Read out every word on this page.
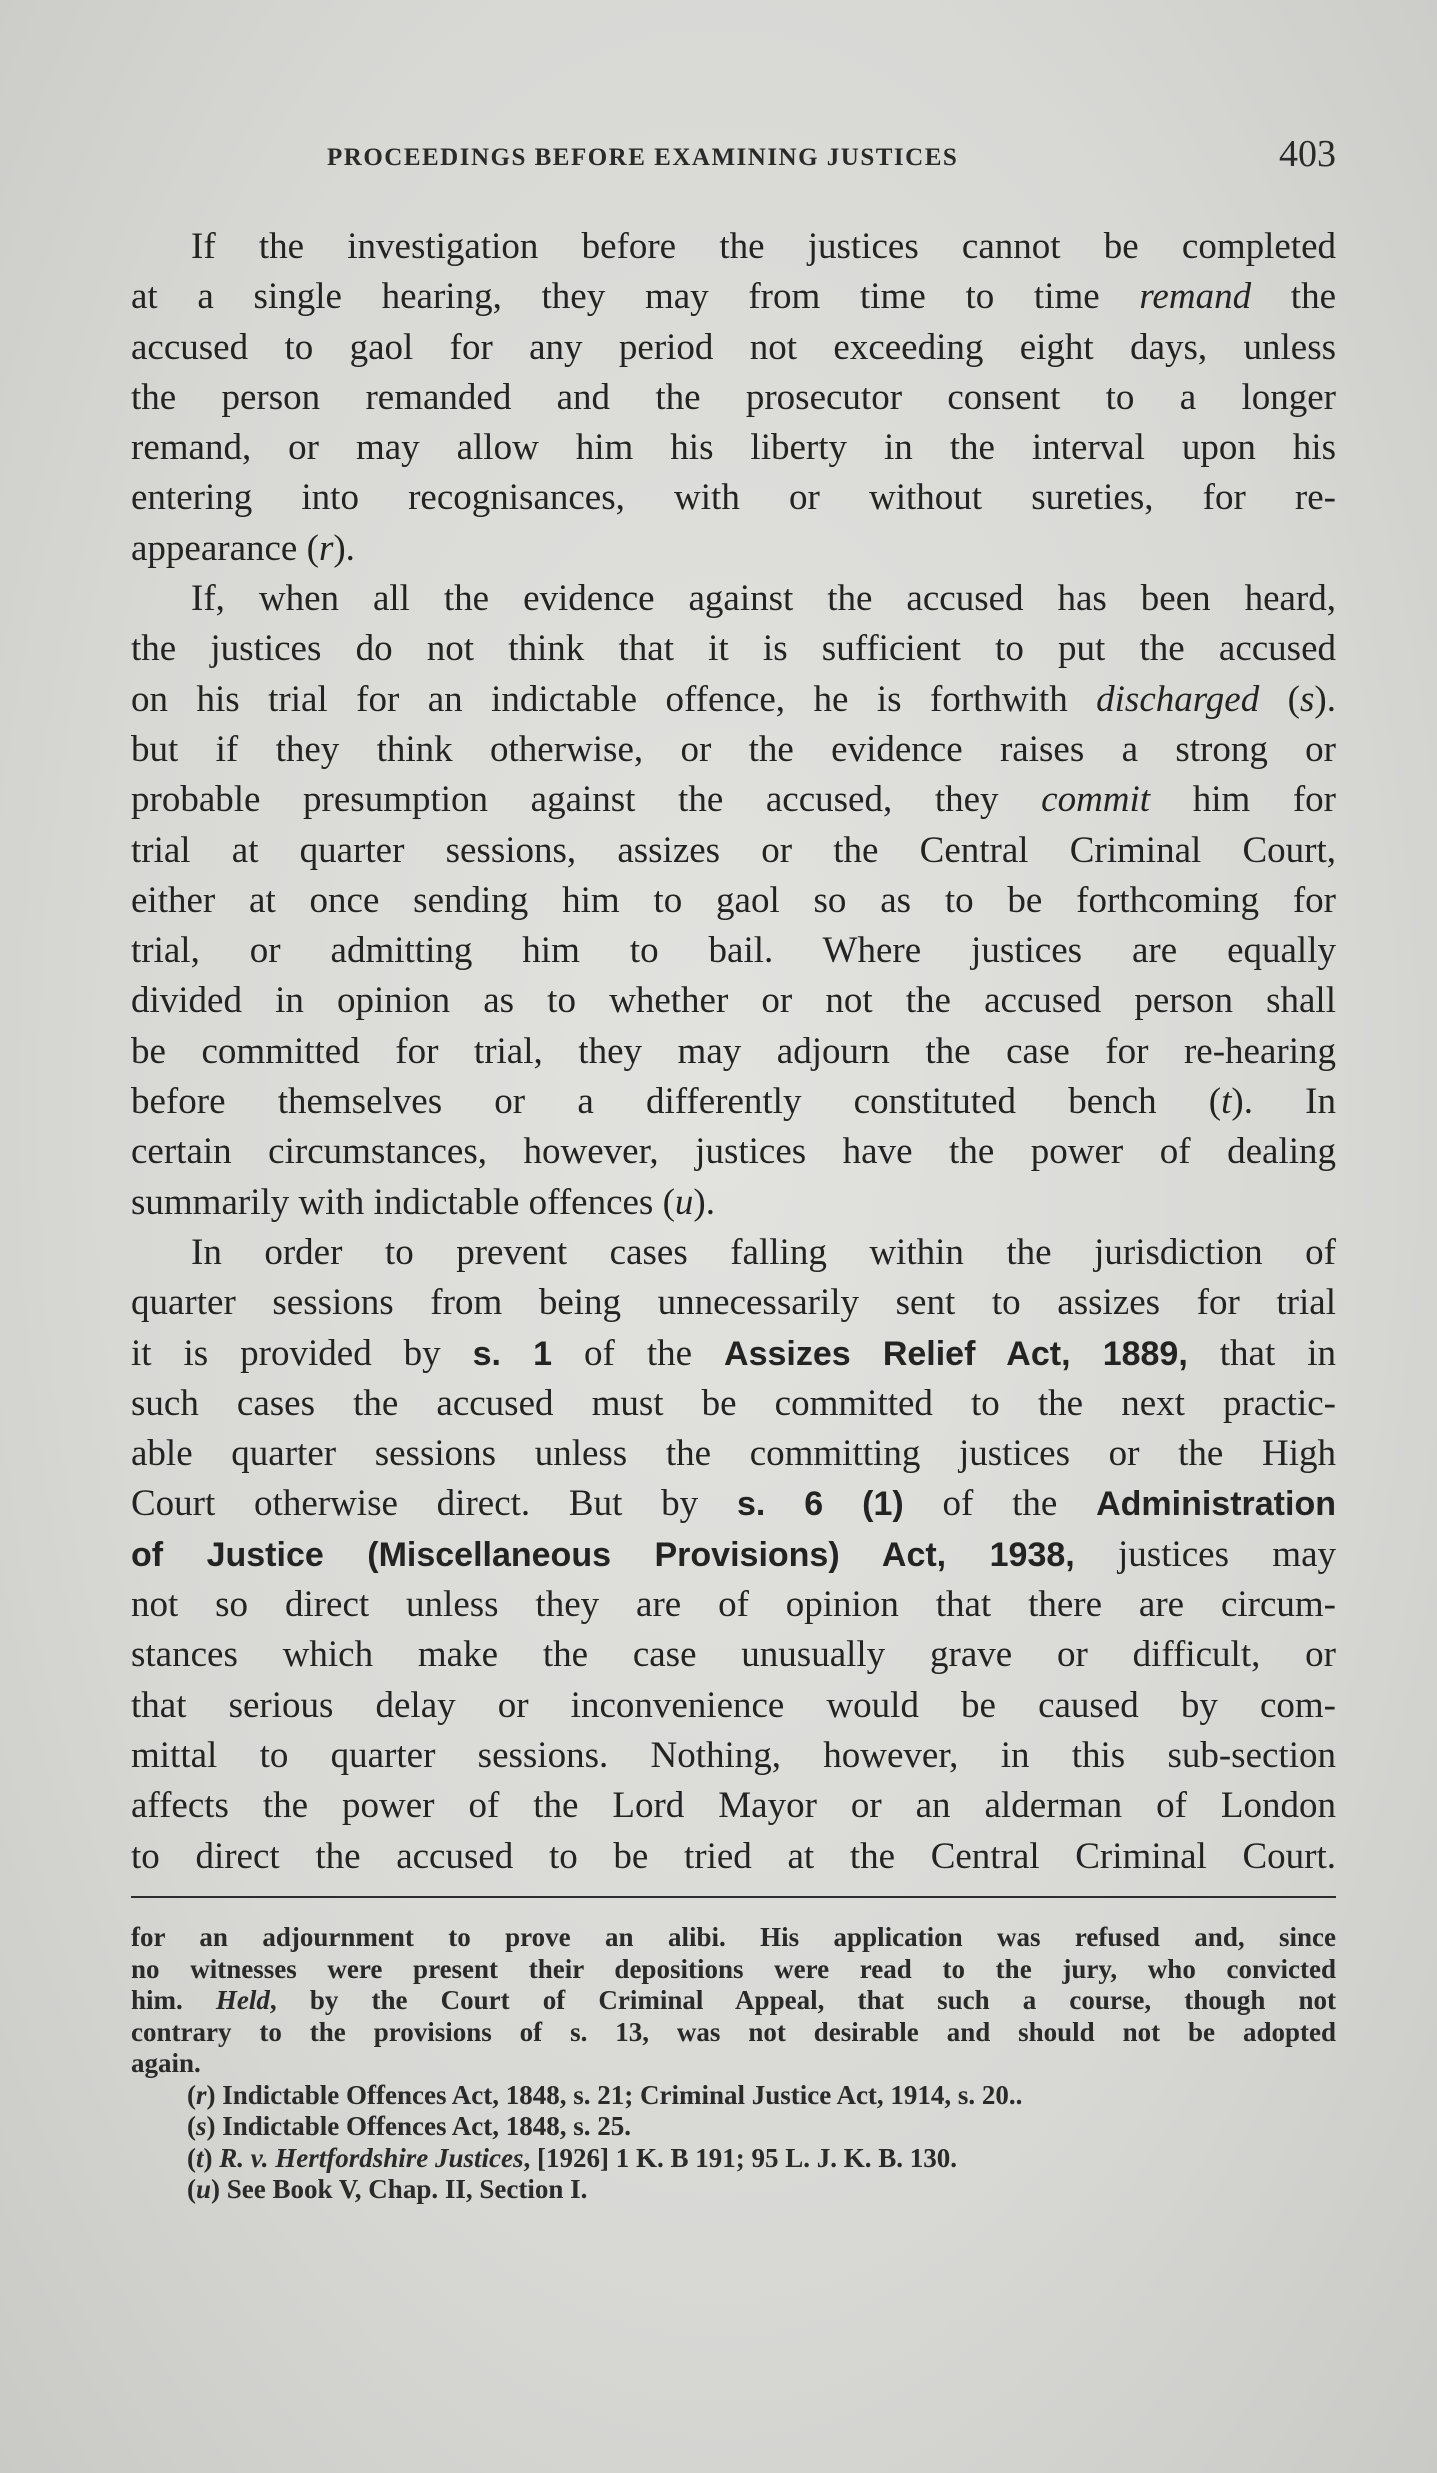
PROCEEDINGS BEFORE EXAMINING JUSTICES	403
If the investigation before the justices cannot be completed
at a single hearing, they may from time to time remand the
accused to gaol for any period not exceeding eight days, unless
the person remanded and the prosecutor consent to a longer
remand, or may allow him his liberty in the interval upon his
entering into recognisances, with or without sureties, for re-
appearance (r).
If, when all the evidence against the accused has been heard,
the justices do not think that it is sufficient to put the accused
on his trial for an indictable offence, he is forthwith discharged (s).
but if they think otherwise, or the evidence raises a strong or
probable presumption against the accused, they commit him for
trial at quarter sessions, assizes or the Central Criminal Court,
either at once sending him to gaol so as to be forthcoming for
trial, or admitting him to bail. Where justices are equally
divided in opinion as to whether or not the accused person shall
be committed for trial, they may adjourn the case for re-hearing
before themselves or a differently constituted bench (t). In
certain circumstances, however, justices have the power of dealing
summarily with indictable offences (u).
In order to prevent cases falling within the jurisdiction of
quarter sessions from being unnecessarily sent to assizes for trial
it is provided by s. 1 of the Assizes Relief Act, 1889, that in
such cases the accused must be committed to the next practic-
able quarter sessions unless the committing justices or the High
Court otherwise direct. But by s. 6 (1) of the Administration
of Justice (Miscellaneous Provisions) Act, 1938, justices may
not so direct unless they are of opinion that there are circum-
stances which make the case unusually grave or difficult, or
that serious delay or inconvenience would be caused by com-
mittal to quarter sessions. Nothing, however, in this sub-section
affects the power of the Lord Mayor or an alderman of London
to direct the accused to be tried at the Central Criminal Court.
for an adjournment to prove an alibi. His application was refused and, since
no witnesses were present their depositions were read to the jury, who convicted
him. Held, by the Court of Criminal Appeal, that such a course, though not
contrary to the provisions of s. 13, was not desirable and should not be adopted
again.
(r) Indictable Offences Act, 1848, s. 21; Criminal Justice Act, 1914, s. 20..
(s) Indictable Offences Act, 1848, s. 25.
(t) R. v. Hertfordshire Justices, [1926] 1 K. B 191; 95 L. J. K. B. 130.
(u) See Book V, Chap. II, Section I.
